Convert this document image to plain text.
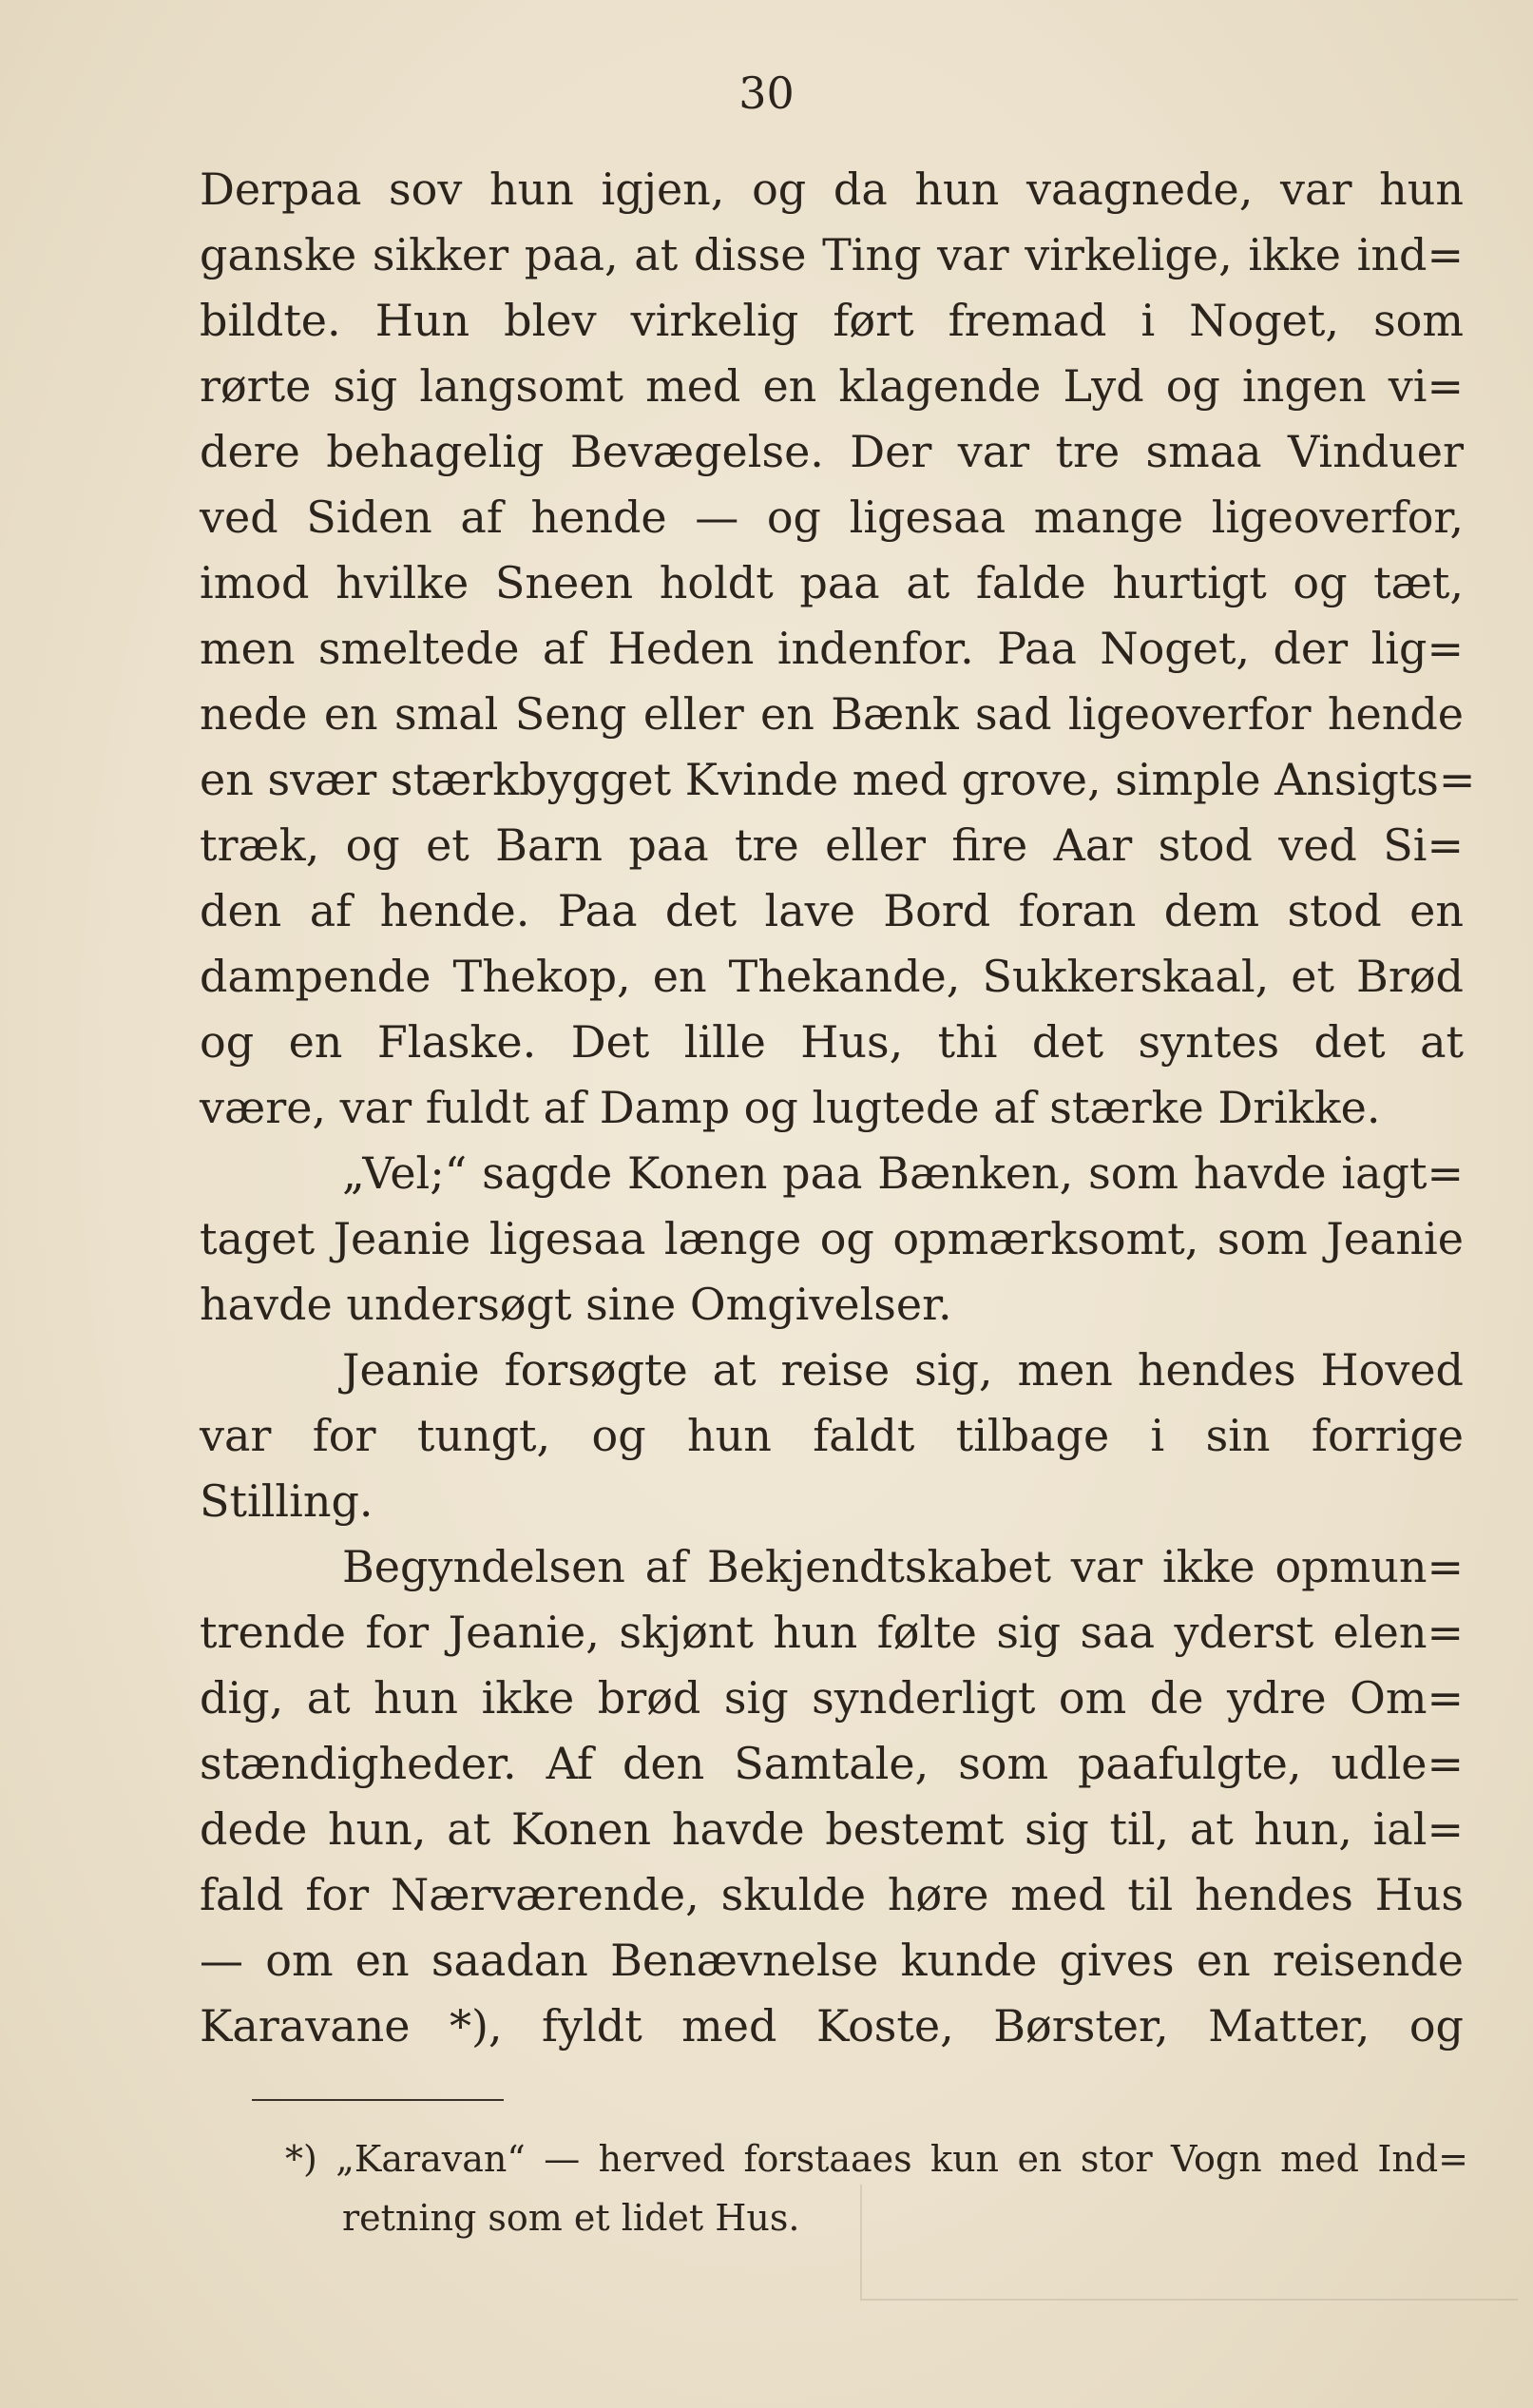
30
Derpaa sov hun igjen, og da hun vaagnede, var hun
ganske sikker paa, at disse Ting var virkelige, ikke ind=
bildte. Hun blev virkelig ført fremad i Noget, som
rørte sig langsomt med en klagende Lyd og ingen vi=
dere behagelig Bevægelse. Der var tre smaa Vinduer
ved Siden af hende — og ligesaa mange ligeoverfor,
imod hvilke Sneen holdt paa at falde hurtigt og tæt,
men smeltede af Heden indenfor. Paa Noget, der lig=
nede en smal Seng eller en Bænk sad ligeoverfor hende
en svær stærkbygget Kvinde med grove, simple Ansigts=
træk, og et Barn paa tre eller fire Aar stod ved Si=
den af hende. Paa det lave Bord foran dem stod en
dampende Thekop, en Thekande, Sukkerskaal, et Brød
og en Flaske. Det lille Hus, thi det syntes det at
være, var fuldt af Damp og lugtede af stærke Drikke.
„Vel;“ sagde Konen paa Bænken, som havde iagt=
taget Jeanie ligesaa længe og opmærksomt, som Jeanie
havde undersøgt sine Omgivelser.
Jeanie forsøgte at reise sig, men hendes Hoved
var for tungt, og hun faldt tilbage i sin forrige
Stilling.
Begyndelsen af Bekjendtskabet var ikke opmun=
trende for Jeanie, skjønt hun følte sig saa yderst elen=
dig, at hun ikke brød sig synderligt om de ydre Om=
stændigheder. Af den Samtale, som paafulgte, udle=
dede hun, at Konen havde bestemt sig til, at hun, ial=
fald for Nærværende, skulde høre med til hendes Hus
— om en saadan Benævnelse kunde gives en reisende
Karavane *), fyldt med Koste, Børster, Matter, og
*) „Karavan“ — herved forstaaes kun en stor Vogn med Ind=
retning som et lidet Hus.
